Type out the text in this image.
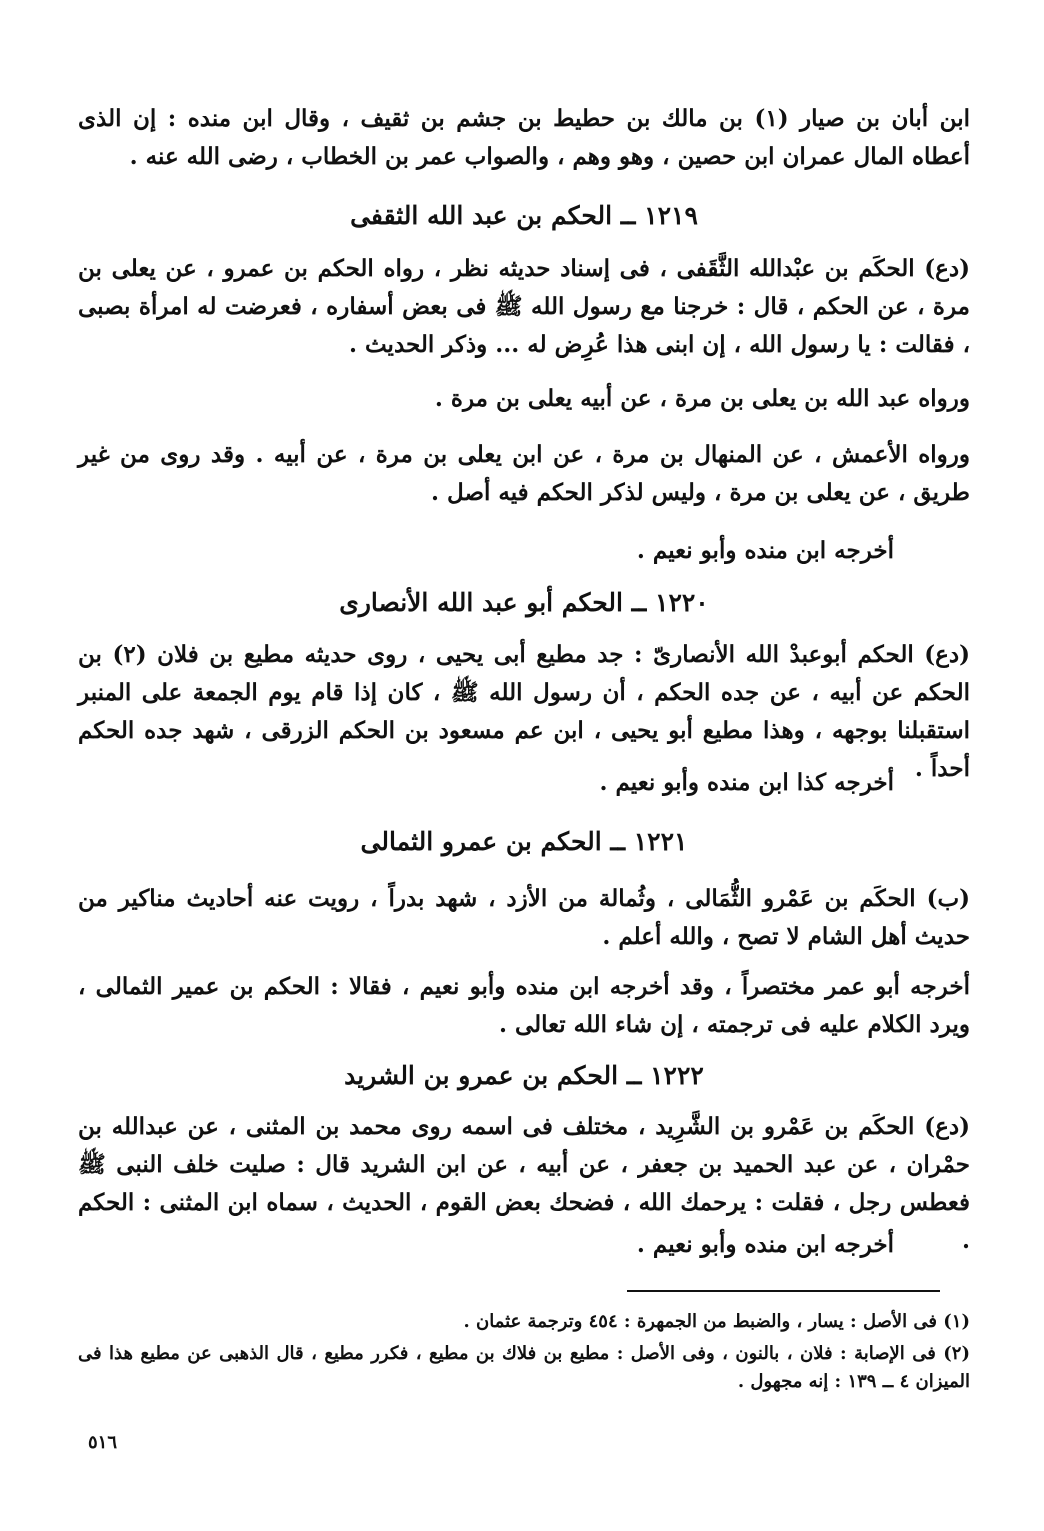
ابن أبان بن صيار (١) بن مالك بن حطيط بن جشم بن ثقيف ، وقال ابن منده : إن الذى أعطاه المال عمران ابن حصين ، وهو وهم ، والصواب عمر بن الخطاب ، رضى الله عنه .

١٢١٩ ــ الحكم بن عبد الله الثقفى

(دع) الحكَم بن عبْدالله الثَّقَفى ، فى إسناد حديثه نظر ، رواه الحكم بن عمرو ، عن يعلى بن مرة ، عن الحكم ، قال : خرجنا مع رسول الله ﷺ فى بعض أسفاره ، فعرضت له امرأة بصبى ، فقالت : يا رسول الله ، إن ابنى هذا عُرِض له ... وذكر الحديث .

ورواه عبد الله بن يعلى بن مرة ، عن أبيه يعلى بن مرة .

ورواه الأعمش ، عن المنهال بن مرة ، عن ابن يعلى بن مرة ، عن أبيه . وقد روى من غير طريق ، عن يعلى بن مرة ، وليس لذكر الحكم فيه أصل .

أخرجه ابن منده وأبو نعيم .
١٢٢٠ ــ الحكم أبو عبد الله الأنصارى

(دع) الحكم أبوعبدْ الله الأنصارىّ : جد مطيع أبى يحيى ، روى حديثه مطيع بن فلان (٢) بن الحكم عن أبيه ، عن جده الحكم ، أن رسول الله ﷺ ، كان إذا قام يوم الجمعة على المنبر استقبلنا بوجهه ، وهذا مطيع أبو يحيى ، ابن عم مسعود بن الحكم الزرقى ، شهد جده الحكم أحداً .

أخرجه كذا ابن منده وأبو نعيم .
١٢٢١ ــ الحكم بن عمرو الثمالى

(ب) الحكَم بن عَمْرو الثُّمَالى ، وثُمالة من الأزد ، شهد بدراً ، رويت عنه أحاديث مناكير من حديث أهل الشام لا تصح ، والله أعلم .

أخرجه أبو عمر مختصراً ، وقد أخرجه ابن منده وأبو نعيم ، فقالا : الحكم بن عمير الثمالى ، ويرد الكلام عليه فى ترجمته ، إن شاء الله تعالى .

١٢٢٢ ــ الحكم بن عمرو بن الشريد

(دع) الحكَم بن عَمْرو بن الشَّرِيد ، مختلف فى اسمه روى محمد بن المثنى ، عن عبدالله بن حمْران ، عن عبد الحميد بن جعفر ، عن أبيه ، عن ابن الشريد قال : صليت خلف النبى ﷺ فعطس رجل ، فقلت : يرحمك الله ، فضحك بعض القوم ، الحديث ، سماه ابن المثنى : الحكم .

أخرجه ابن منده وأبو نعيم .

(١) فى الأصل : يسار ، والضبط من الجمهرة : ٤٥٤ وترجمة عثمان .

(٢) فى الإصابة : فلان ، بالنون ، وفى الأصل : مطيع بن فلاك بن مطيع ، فكرر مطيع ، قال الذهبى عن مطيع هذا فى الميزان ٤ ــ ١٣٩ : إنه مجهول .

٥١٦
